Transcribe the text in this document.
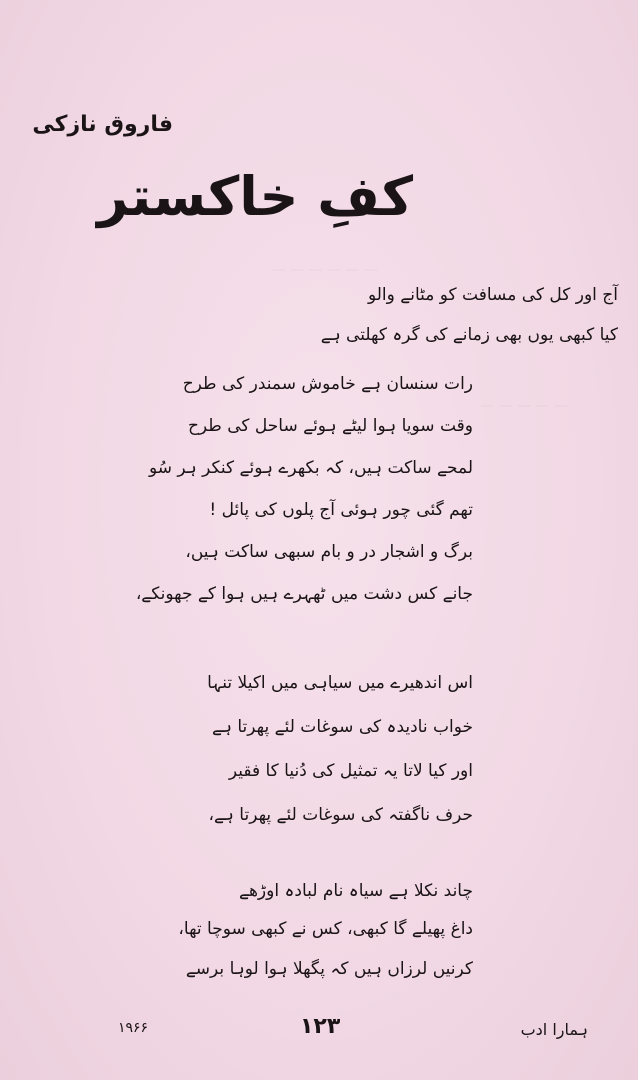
— — — — — —
— — — — —
فاروق نازکی
کفِ خاکستر
آج اور کل کی مسافت کو مٹانے والو
کیا کبھی یوں بھی زمانے کی گرہ کھلتی ہے
رات سنسان ہے خاموش سمندر کی طرح
وقت سویا ہوا لیٹے ہوئے ساحل کی طرح
لمحے ساکت ہیں، کہ بکھرے ہوئے کنکر ہر سُو
تھم گئی چور ہوئی آج پلوں کی پائل !
برگ و اشجار در و بام سبھی ساکت ہیں،
جانے کس دشت میں ٹھہرے ہیں ہوا کے جھونکے،
اس اندھیرے میں سیاہی میں اکیلا تنہا
خواب نادیدہ کی سوغات لئے پھرتا ہے
اور کیا لاتا یہ تمثیل کی دُنیا کا فقیر
حرف ناگفتہ کی سوغات لئے پھرتا ہے،
چاند نکلا ہے سیاہ نام لبادہ اوڑھے
داغ پھیلے گا کبھی، کس نے کبھی سوچا تھا،
کرنیں لرزاں ہیں کہ پگھلا ہوا لوہا برسے
۱۹۶۶	۱۲۳	ہمارا ادب
